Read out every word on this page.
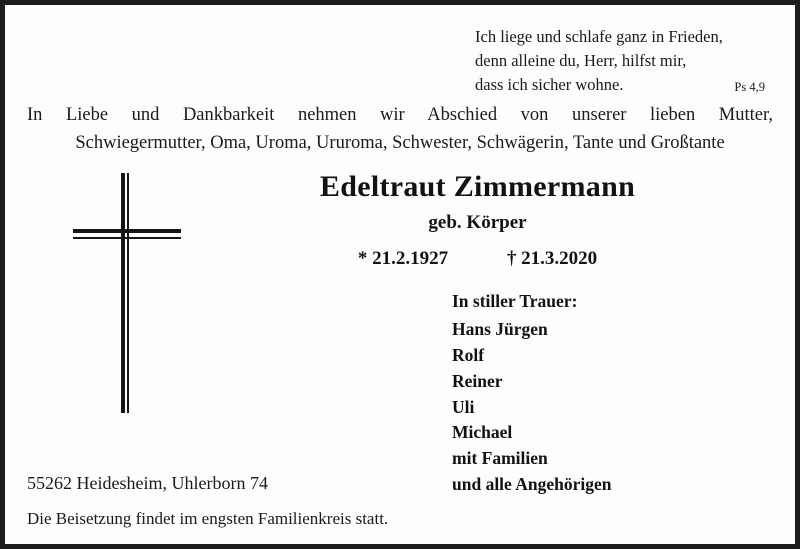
Ich liege und schlafe ganz in Frieden,
denn alleine du, Herr, hilfst mir,
dass ich sicher wohne.	Ps 4,9
In Liebe und Dankbarkeit nehmen wir Abschied von unserer lieben Mutter,
Schwiegermutter, Oma, Uroma, Ururoma, Schwester, Schwägerin, Tante und Großtante
Edeltraut Zimmermann
geb. Körper
* 21.2.1927	† 21.3.2020
In stiller Trauer:
Hans Jürgen
Rolf
Reiner
Uli
Michael
mit Familien
und alle Angehörigen
55262 Heidesheim, Uhlerborn 74
Die Beisetzung findet im engsten Familienkreis statt.
